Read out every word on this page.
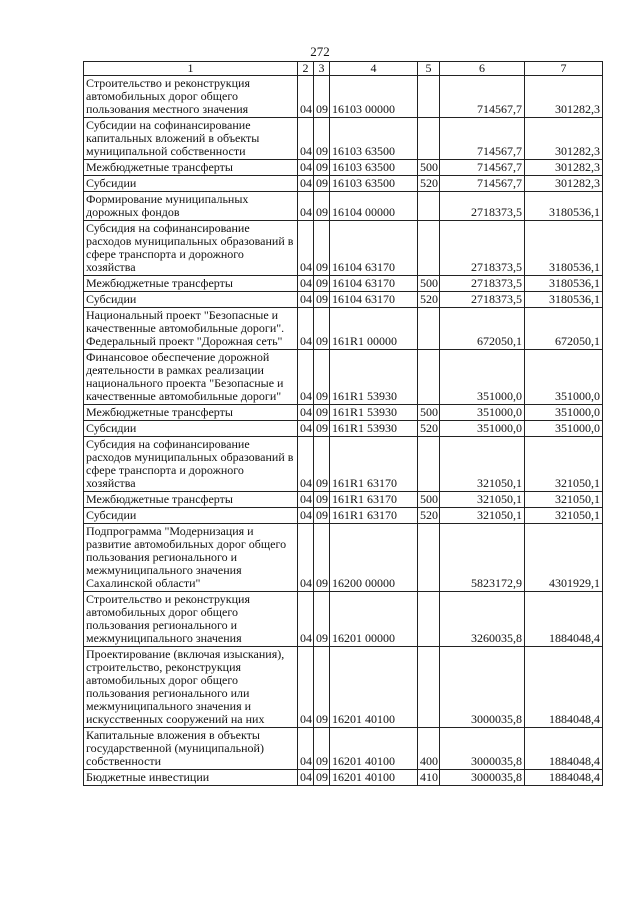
272
1	2	3	4	5	6	7
Строительство и реконструкция автомобильных дорог общего пользования местного значения	04	09	16103 00000		714567,7	301282,3
Субсидии на софинансирование капитальных вложений в объекты муниципальной собственности	04	09	16103 63500		714567,7	301282,3
Межбюджетные трансферты	04	09	16103 63500	500	714567,7	301282,3
Субсидии	04	09	16103 63500	520	714567,7	301282,3
Формирование муниципальных дорожных фондов	04	09	16104 00000		2718373,5	3180536,1
Субсидия на софинансирование расходов муниципальных образований в сфере транспорта и дорожного хозяйства	04	09	16104 63170		2718373,5	3180536,1
Межбюджетные трансферты	04	09	16104 63170	500	2718373,5	3180536,1
Субсидии	04	09	16104 63170	520	2718373,5	3180536,1
Национальный проект "Безопасные и качественные автомобильные дороги". Федеральный проект "Дорожная сеть"	04	09	161R1 00000		672050,1	672050,1
Финансовое обеспечение дорожной деятельности в рамках реализации национального проекта "Безопасные и качественные автомобильные дороги"	04	09	161R1 53930		351000,0	351000,0
Межбюджетные трансферты	04	09	161R1 53930	500	351000,0	351000,0
Субсидии	04	09	161R1 53930	520	351000,0	351000,0
Субсидия на софинансирование расходов муниципальных образований в сфере транспорта и дорожного хозяйства	04	09	161R1 63170		321050,1	321050,1
Межбюджетные трансферты	04	09	161R1 63170	500	321050,1	321050,1
Субсидии	04	09	161R1 63170	520	321050,1	321050,1
Подпрограмма "Модернизация и развитие автомобильных дорог общего пользования регионального и межмуниципального значения Сахалинской области"	04	09	16200 00000		5823172,9	4301929,1
Строительство и реконструкция автомобильных дорог общего пользования регионального и межмуниципального значения	04	09	16201 00000		3260035,8	1884048,4
Проектирование (включая изыскания), строительство, реконструкция автомобильных дорог общего пользования регионального или межмуниципального значения и искусственных сооружений на них	04	09	16201 40100		3000035,8	1884048,4
Капитальные вложения в объекты государственной (муниципальной) собственности	04	09	16201 40100	400	3000035,8	1884048,4
Бюджетные инвестиции	04	09	16201 40100	410	3000035,8	1884048,4
